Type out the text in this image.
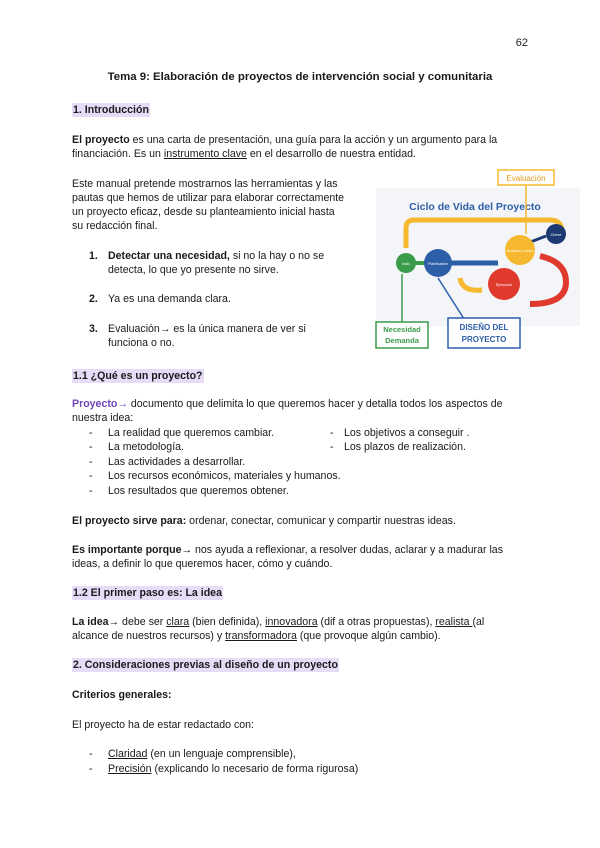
62
Tema 9: Elaboración de proyectos de intervención social y comunitaria
1. Introducción
El proyecto es una carta de presentación, una guía para la acción y un argumento para la
financiación. Es un instrumento clave en el desarrollo de nuestra entidad.
Este manual pretende mostrarnos las herramientas y las
pautas que hemos de utilizar para elaborar correctamente
un proyecto eficaz, desde su planteamiento inicial hasta
su redacción final.
1. Detectar una necesidad, si no la hay o no se
detecta, lo que yo presente no sirve.
2. Ya es una demanda clara.
3. Evaluación→ es la única manera de ver si
funciona o no.
Ciclo de Vida del Proyecto
Evaluación
Inicio	Planificación
Monitoreo y control
Cierre
Ejecución
Necesidad
Demanda
DISEÑO DEL
PROYECTO
1.1 ¿Qué es un proyecto?
Proyecto→ documento que delimita lo que queremos hacer y detalla todos los aspectos de
nuestra idea:
- La realidad que queremos cambiar.
- La metodología.
- Las actividades a desarrollar.
- Los recursos económicos, materiales y humanos.
- Los resultados que queremos obtener.
- Los objetivos a conseguir .
- Los plazos de realización.
El proyecto sirve para: ordenar, conectar, comunicar y compartir nuestras ideas.
Es importante porque→ nos ayuda a reflexionar, a resolver dudas, aclarar y a madurar las
ideas, a definir lo que queremos hacer, cómo y cuándo.
1.2 El primer paso es: La idea
La idea→ debe ser clara (bien definida), innovadora (dif a otras propuestas), realista (al
alcance de nuestros recursos) y transformadora (que provoque algún cambio).
2. Consideraciones previas al diseño de un proyecto
Criterios generales:
El proyecto ha de estar redactado con:
- Claridad (en un lenguaje comprensible),
- Precisión (explicando lo necesario de forma rigurosa)
